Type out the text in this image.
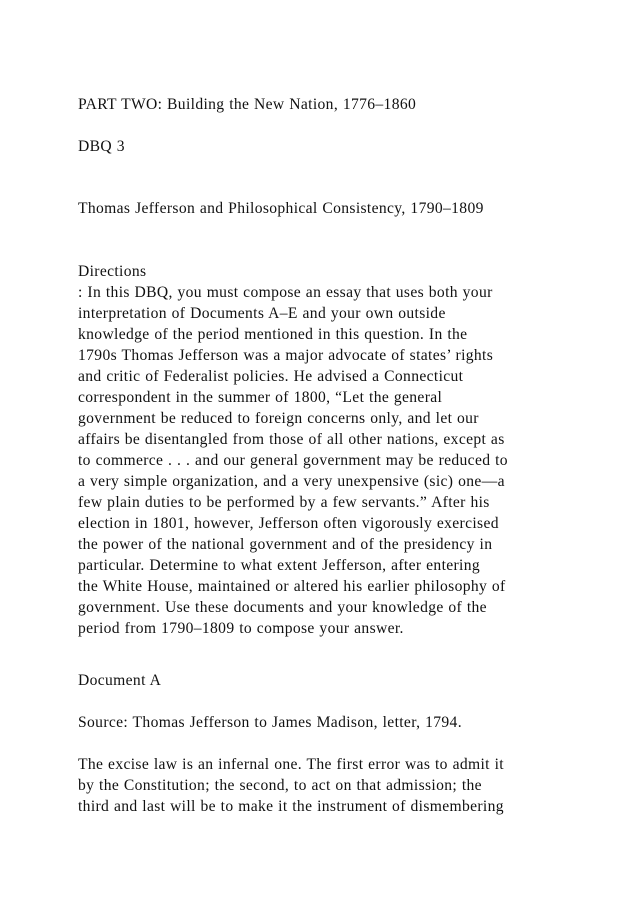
PART TWO: Building the New Nation, 1776–1860

DBQ 3

Thomas Jefferson and Philosophical Consistency, 1790–1809

Directions

: In this DBQ, you must compose an essay that uses both your

interpretation of Documents A–E and your own outside

knowledge of the period mentioned in this question. In the

1790s Thomas Jefferson was a major advocate of states’ rights

and critic of Federalist policies. He advised a Connecticut

correspondent in the summer of 1800, “Let the general

government be reduced to foreign concerns only, and let our

affairs be disentangled from those of all other nations, except as

to commerce . . . and our general government may be reduced to

a very simple organization, and a very unexpensive (sic) one—a

few plain duties to be performed by a few servants.” After his

election in 1801, however, Jefferson often vigorously exercised

the power of the national government and of the presidency in

particular. Determine to what extent Jefferson, after entering

the White House, maintained or altered his earlier philosophy of

government. Use these documents and your knowledge of the

period from 1790–1809 to compose your answer.

Document A

Source: Thomas Jefferson to James Madison, letter, 1794.

The excise law is an infernal one. The first error was to admit it

by the Constitution; the second, to act on that admission; the

third and last will be to make it the instrument of dismembering
